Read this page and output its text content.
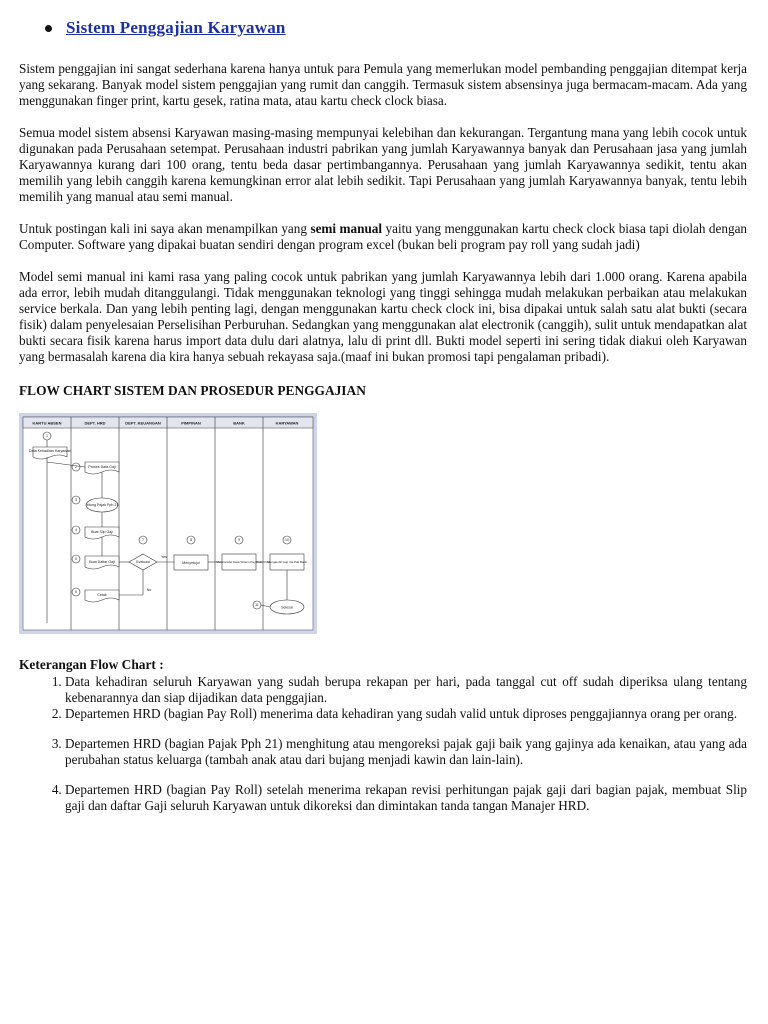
Sistem Penggajian Karyawan

Sistem penggajian ini sangat sederhana karena hanya untuk para Pemula yang memerlukan model pembanding penggajian ditempat kerja yang sekarang. Banyak model sistem penggajian yang rumit dan canggih. Termasuk sistem absensinya juga bermacam-macam. Ada yang menggunakan finger print, kartu gesek, ratina mata, atau kartu check clock biasa.

Semua model sistem absensi Karyawan masing-masing mempunyai kelebihan dan kekurangan. Tergantung mana yang lebih cocok untuk digunakan pada Perusahaan setempat. Perusahaan industri pabrikan yang jumlah Karyawannya banyak dan Perusahaan jasa yang jumlah Karyawannya kurang dari 100 orang, tentu beda dasar pertimbangannya. Perusahaan yang jumlah Karyawannya sedikit, tentu akan memilih yang lebih canggih karena kemungkinan error alat lebih sedikit. Tapi Perusahaan yang jumlah Karyawannya banyak, tentu lebih memilih yang manual atau semi manual.

Untuk postingan kali ini saya akan menampilkan yang semi manual yaitu yang menggunakan kartu check clock biasa tapi diolah dengan Computer. Software yang dipakai buatan sendiri dengan program excel (bukan beli program pay roll yang sudah jadi)

Model semi manual ini kami rasa yang paling cocok untuk pabrikan yang jumlah Karyawannya lebih dari 1.000 orang. Karena apabila ada error, lebih mudah ditanggulangi. Tidak menggunakan teknologi yang tinggi sehingga mudah melakukan perbaikan atau melakukan service berkala. Dan yang lebih penting lagi, dengan menggunakan kartu check clock ini, bisa dipakai untuk salah satu alat bukti (secara fisik) dalam penyelesaian Perselisihan Perburuhan. Sedangkan yang menggunakan alat electronik (canggih), sulit untuk mendapatkan alat bukti secara fisik karena harus import data dulu dari alatnya, lalu di print dll. Bukti model seperti ini sering tidak diakui oleh Karyawan yang bermasalah karena dia kira hanya sebuah rekayasa saja.(maaf ini bukan promosi tapi pengalaman pribadi).

FLOW CHART SISTEM DAN PROSEDUR PENGGAJIAN
KARTU ABSEN	DEPT. HRD	DEPT. KEUANGAN	PIMPINAN	BANK	KARYAWAN
Data Kehadiran Karyawan
Proses Data Gaji
Hitung Pajak Pph 21
Buat Slip Gaji
Buat Daftar Gaji
Cetak
Evaluasi	Menyetujui	Mentransfer Data Sistem Pay Roll Mengambil Gaji Via Pak Bank
Selesai
Yes
No
1
2
3
4
5
6
7	8	9	10
11
Keterangan Flow Chart :
1. Data kehadiran seluruh Karyawan yang sudah berupa rekapan per hari, pada tanggal cut off sudah diperiksa ulang tentang kebenarannya dan siap dijadikan data penggajian.
2. Departemen HRD (bagian Pay Roll) menerima data kehadiran yang sudah valid untuk diproses penggajiannya orang per orang.
3. Departemen HRD (bagian Pajak Pph 21) menghitung atau mengoreksi pajak gaji baik yang gajinya ada kenaikan, atau yang ada perubahan status keluarga (tambah anak atau dari bujang menjadi kawin dan lain-lain).
4. Departemen HRD (bagian Pay Roll) setelah menerima rekapan revisi perhitungan pajak gaji dari bagian pajak, membuat Slip gaji dan daftar Gaji seluruh Karyawan untuk dikoreksi dan dimintakan tanda tangan Manajer HRD.
